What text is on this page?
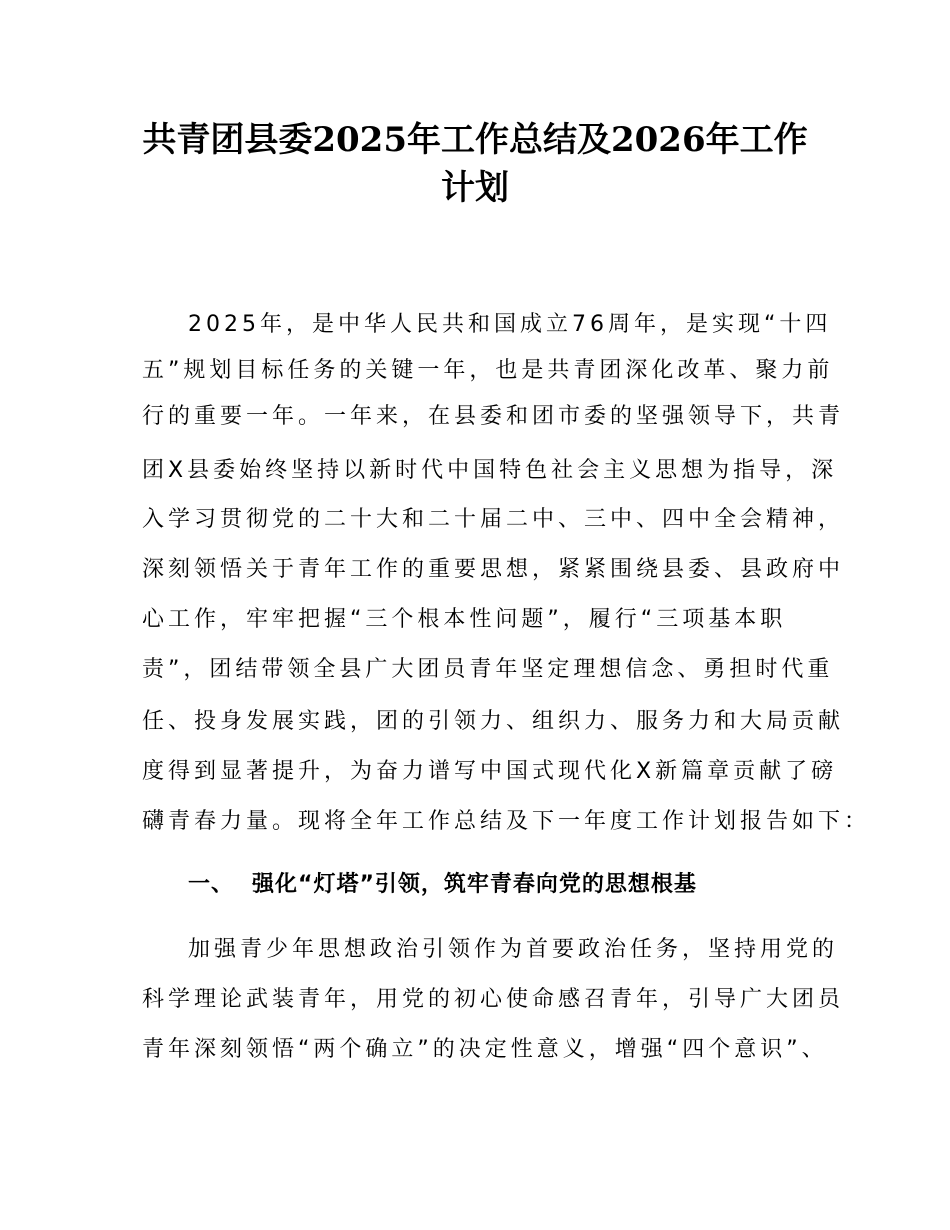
共青团县委2025年工作总结及2026年工作
计划
2025年，是中华人民共和国成立76周年，是实现“十四
五”规划目标任务的关键一年，也是共青团深化改革、聚力前
行的重要一年。一年来，在县委和团市委的坚强领导下，共青
团X县委始终坚持以新时代中国特色社会主义思想为指导，深
入学习贯彻党的二十大和二十届二中、三中、四中全会精神，
深刻领悟关于青年工作的重要思想，紧紧围绕县委、县政府中
心工作，牢牢把握“三个根本性问题”，履行“三项基本职
责”，团结带领全县广大团员青年坚定理想信念、勇担时代重
任、投身发展实践，团的引领力、组织力、服务力和大局贡献
度得到显著提升，为奋力谱写中国式现代化X新篇章贡献了磅
礴青春力量。现将全年工作总结及下一年度工作计划报告如下：
一、 强化“灯塔”引领，筑牢青春向党的思想根基
加强青少年思想政治引领作为首要政治任务，坚持用党的
科学理论武装青年，用党的初心使命感召青年，引导广大团员
青年深刻领悟“两个确立”的决定性意义，增强“四个意识”、
